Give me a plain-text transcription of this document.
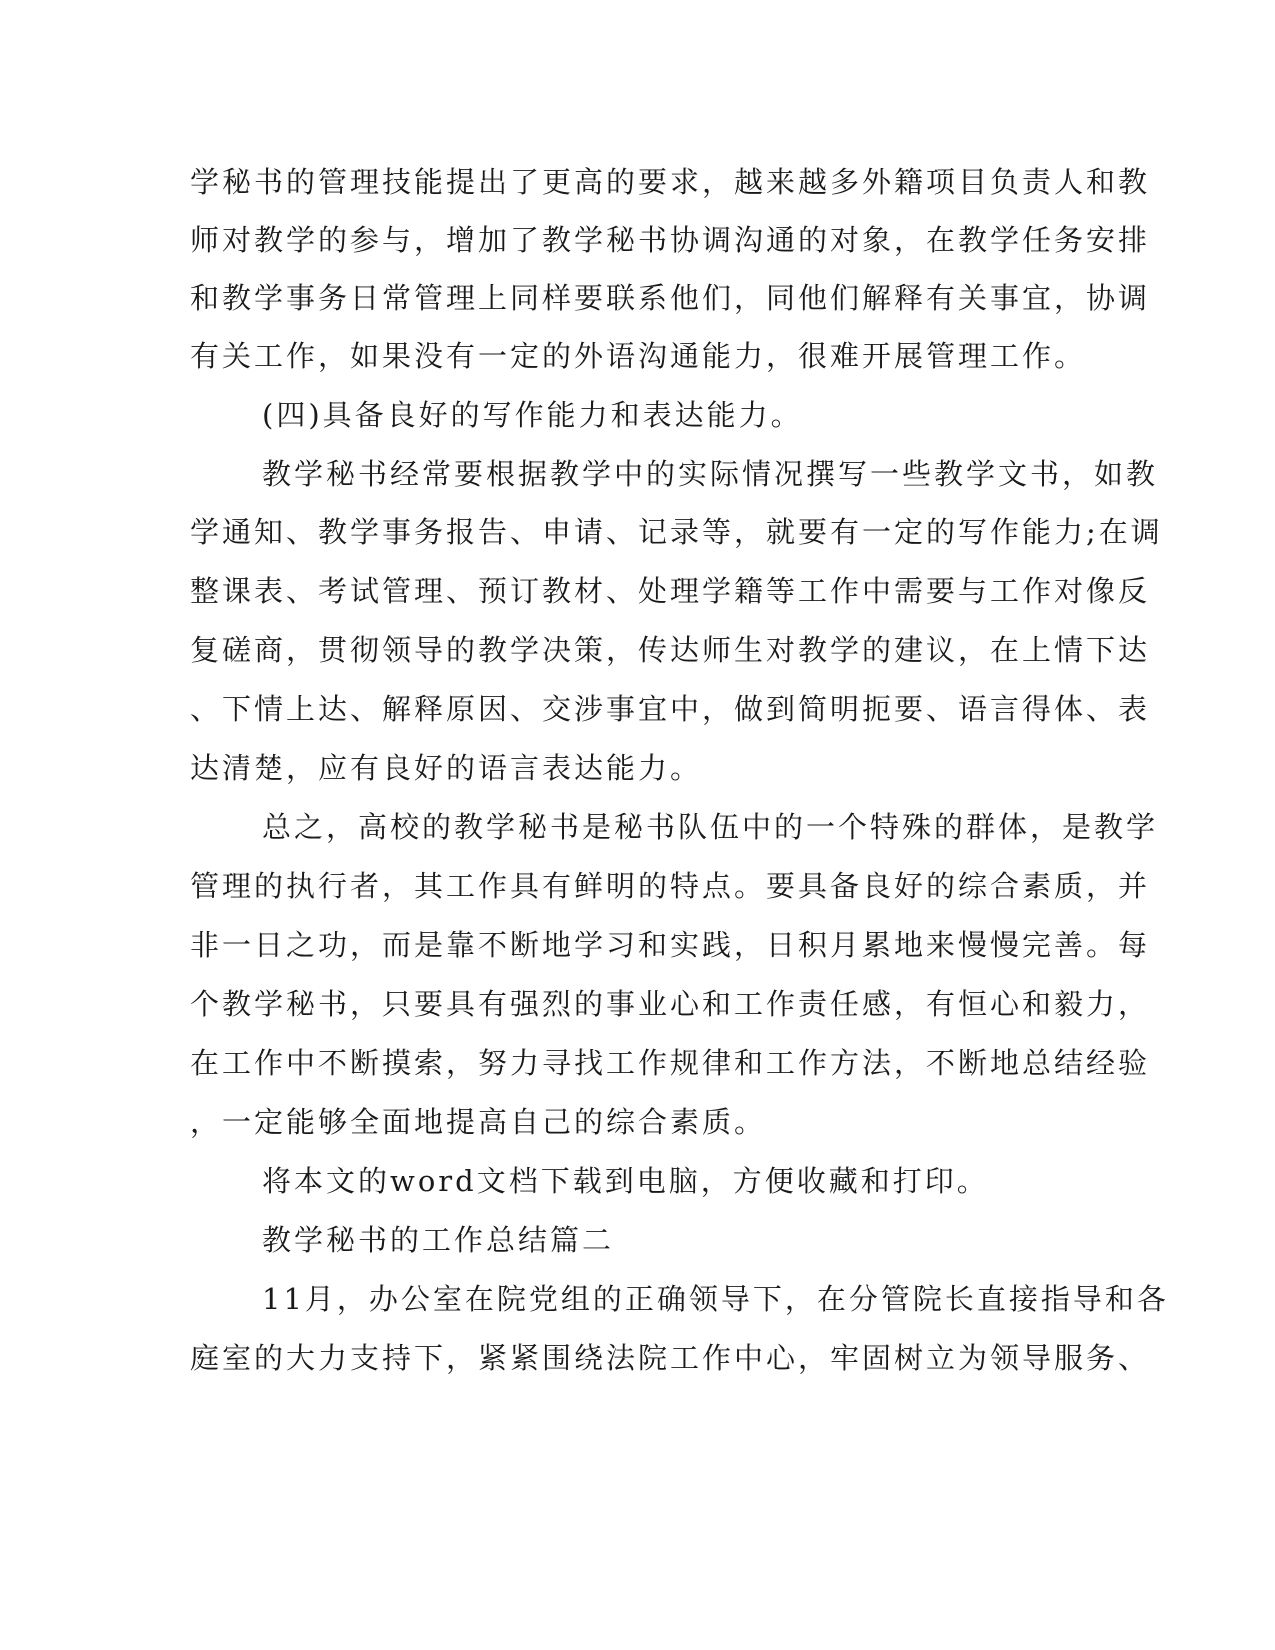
学秘书的管理技能提出了更高的要求，越来越多外籍项目负责人和教
师对教学的参与，增加了教学秘书协调沟通的对象，在教学任务安排
和教学事务日常管理上同样要联系他们，同他们解释有关事宜，协调
有关工作，如果没有一定的外语沟通能力，很难开展管理工作。
(四)具备良好的写作能力和表达能力。
教学秘书经常要根据教学中的实际情况撰写一些教学文书，如教
学通知、教学事务报告、申请、记录等，就要有一定的写作能力;在调
整课表、考试管理、预订教材、处理学籍等工作中需要与工作对像反
复磋商，贯彻领导的教学决策，传达师生对教学的建议，在上情下达
、下情上达、解释原因、交涉事宜中，做到简明扼要、语言得体、表
达清楚，应有良好的语言表达能力。
总之，高校的教学秘书是秘书队伍中的一个特殊的群体，是教学
管理的执行者，其工作具有鲜明的特点。要具备良好的综合素质，并
非一日之功，而是靠不断地学习和实践，日积月累地来慢慢完善。每
个教学秘书，只要具有强烈的事业心和工作责任感，有恒心和毅力，
在工作中不断摸索，努力寻找工作规律和工作方法，不断地总结经验
，一定能够全面地提高自己的综合素质。
将本文的word文档下载到电脑，方便收藏和打印。
教学秘书的工作总结篇二
11月，办公室在院党组的正确领导下，在分管院长直接指导和各
庭室的大力支持下，紧紧围绕法院工作中心，牢固树立为领导服务、
